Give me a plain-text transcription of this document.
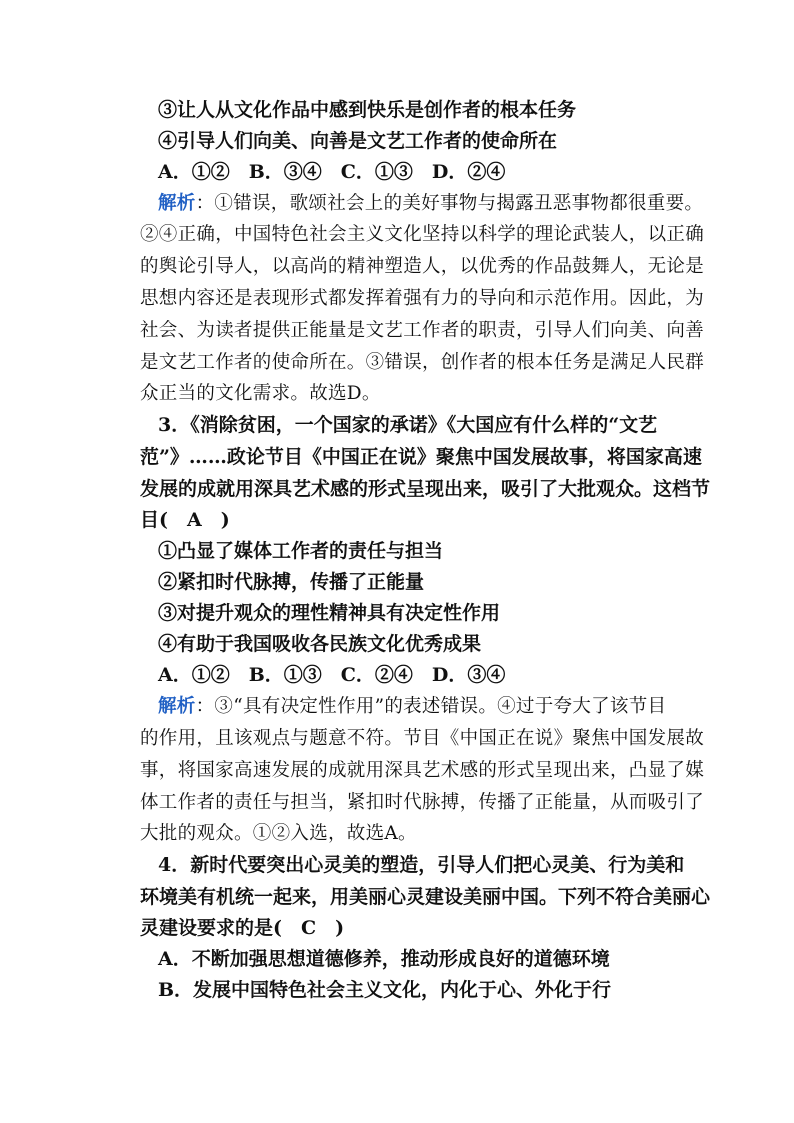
③让人从文化作品中感到快乐是创作者的根本任务
④引导人们向美、向善是文艺工作者的使命所在
A．①②　B．③④　C．①③　D．②④
解析：①错误，歌颂社会上的美好事物与揭露丑恶事物都很重要。
②④正确，中国特色社会主义文化坚持以科学的理论武装人，以正确
的舆论引导人，以高尚的精神塑造人，以优秀的作品鼓舞人，无论是
思想内容还是表现形式都发挥着强有力的导向和示范作用。因此，为
社会、为读者提供正能量是文艺工作者的职责，引导人们向美、向善
是文艺工作者的使命所在。③错误，创作者的根本任务是满足人民群
众正当的文化需求。故选D。
3．《消除贫困，一个国家的承诺》《大国应有什么样的“文艺
范”》……政论节目《中国正在说》聚焦中国发展故事，将国家高速
发展的成就用深具艺术感的形式呈现出来，吸引了大批观众。这档节
目(　A　)
①凸显了媒体工作者的责任与担当
②紧扣时代脉搏，传播了正能量
③对提升观众的理性精神具有决定性作用
④有助于我国吸收各民族文化优秀成果
A．①②　B．①③　C．②④　D．③④
解析：③“具有决定性作用”的表述错误。④过于夸大了该节目
的作用，且该观点与题意不符。节目《中国正在说》聚焦中国发展故
事，将国家高速发展的成就用深具艺术感的形式呈现出来，凸显了媒
体工作者的责任与担当，紧扣时代脉搏，传播了正能量，从而吸引了
大批的观众。①②入选，故选A。
4．新时代要突出心灵美的塑造，引导人们把心灵美、行为美和
环境美有机统一起来，用美丽心灵建设美丽中国。下列不符合美丽心
灵建设要求的是(　C　)
A．不断加强思想道德修养，推动形成良好的道德环境
B．发展中国特色社会主义文化，内化于心、外化于行
